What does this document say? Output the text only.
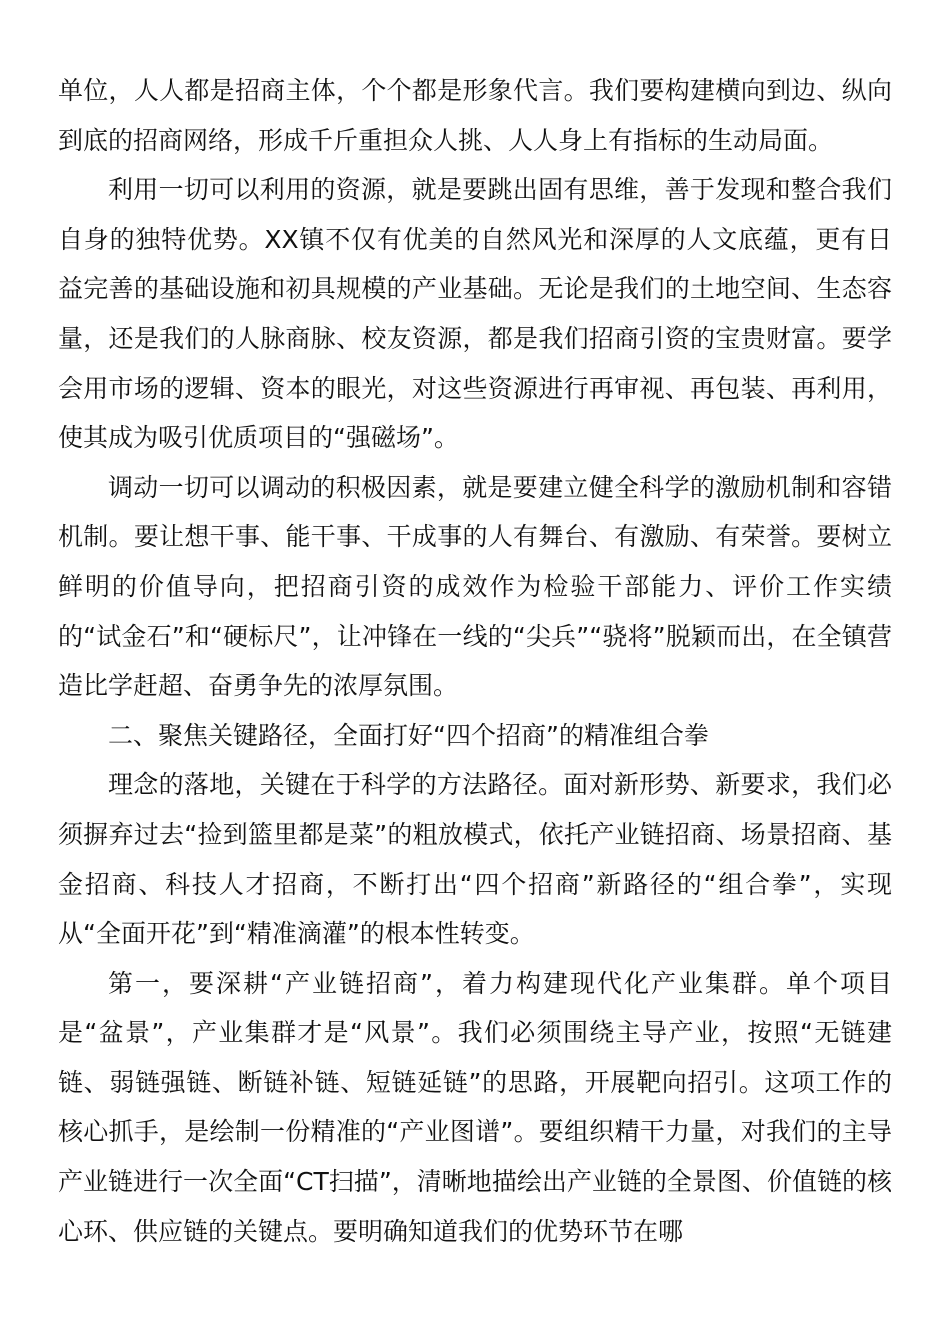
单位，人人都是招商主体，个个都是形象代言。我们要构建横向到边、纵向到底的招商网络，形成千斤重担众人挑、人人身上有指标的生动局面。

利用一切可以利用的资源，就是要跳出固有思维，善于发现和整合我们自身的独特优势。XX镇不仅有优美的自然风光和深厚的人文底蕴，更有日益完善的基础设施和初具规模的产业基础。无论是我们的土地空间、生态容量，还是我们的人脉商脉、校友资源，都是我们招商引资的宝贵财富。要学会用市场的逻辑、资本的眼光，对这些资源进行再审视、再包装、再利用，使其成为吸引优质项目的“强磁场”。

调动一切可以调动的积极因素，就是要建立健全科学的激励机制和容错机制。要让想干事、能干事、干成事的人有舞台、有激励、有荣誉。要树立鲜明的价值导向，把招商引资的成效作为检验干部能力、评价工作实绩的“试金石”和“硬标尺”，让冲锋在一线的“尖兵”“骁将”脱颖而出，在全镇营造比学赶超、奋勇争先的浓厚氛围。

二、聚焦关键路径，全面打好“四个招商”的精准组合拳

理念的落地，关键在于科学的方法路径。面对新形势、新要求，我们必须摒弃过去“捡到篮里都是菜”的粗放模式，依托产业链招商、场景招商、基金招商、科技人才招商，不断打出“四个招商”新路径的“组合拳”，实现从“全面开花”到“精准滴灌”的根本性转变。

第一，要深耕“产业链招商”，着力构建现代化产业集群。单个项目是“盆景”，产业集群才是“风景”。我们必须围绕主导产业，按照“无链建链、弱链强链、断链补链、短链延链”的思路，开展靶向招引。这项工作的核心抓手，是绘制一份精准的“产业图谱”。要组织精干力量，对我们的主导产业链进行一次全面“CT扫描”，清晰地描绘出产业链的全景图、价值链的核心环、供应链的关键点。要明确知道我们的优势环节在哪
